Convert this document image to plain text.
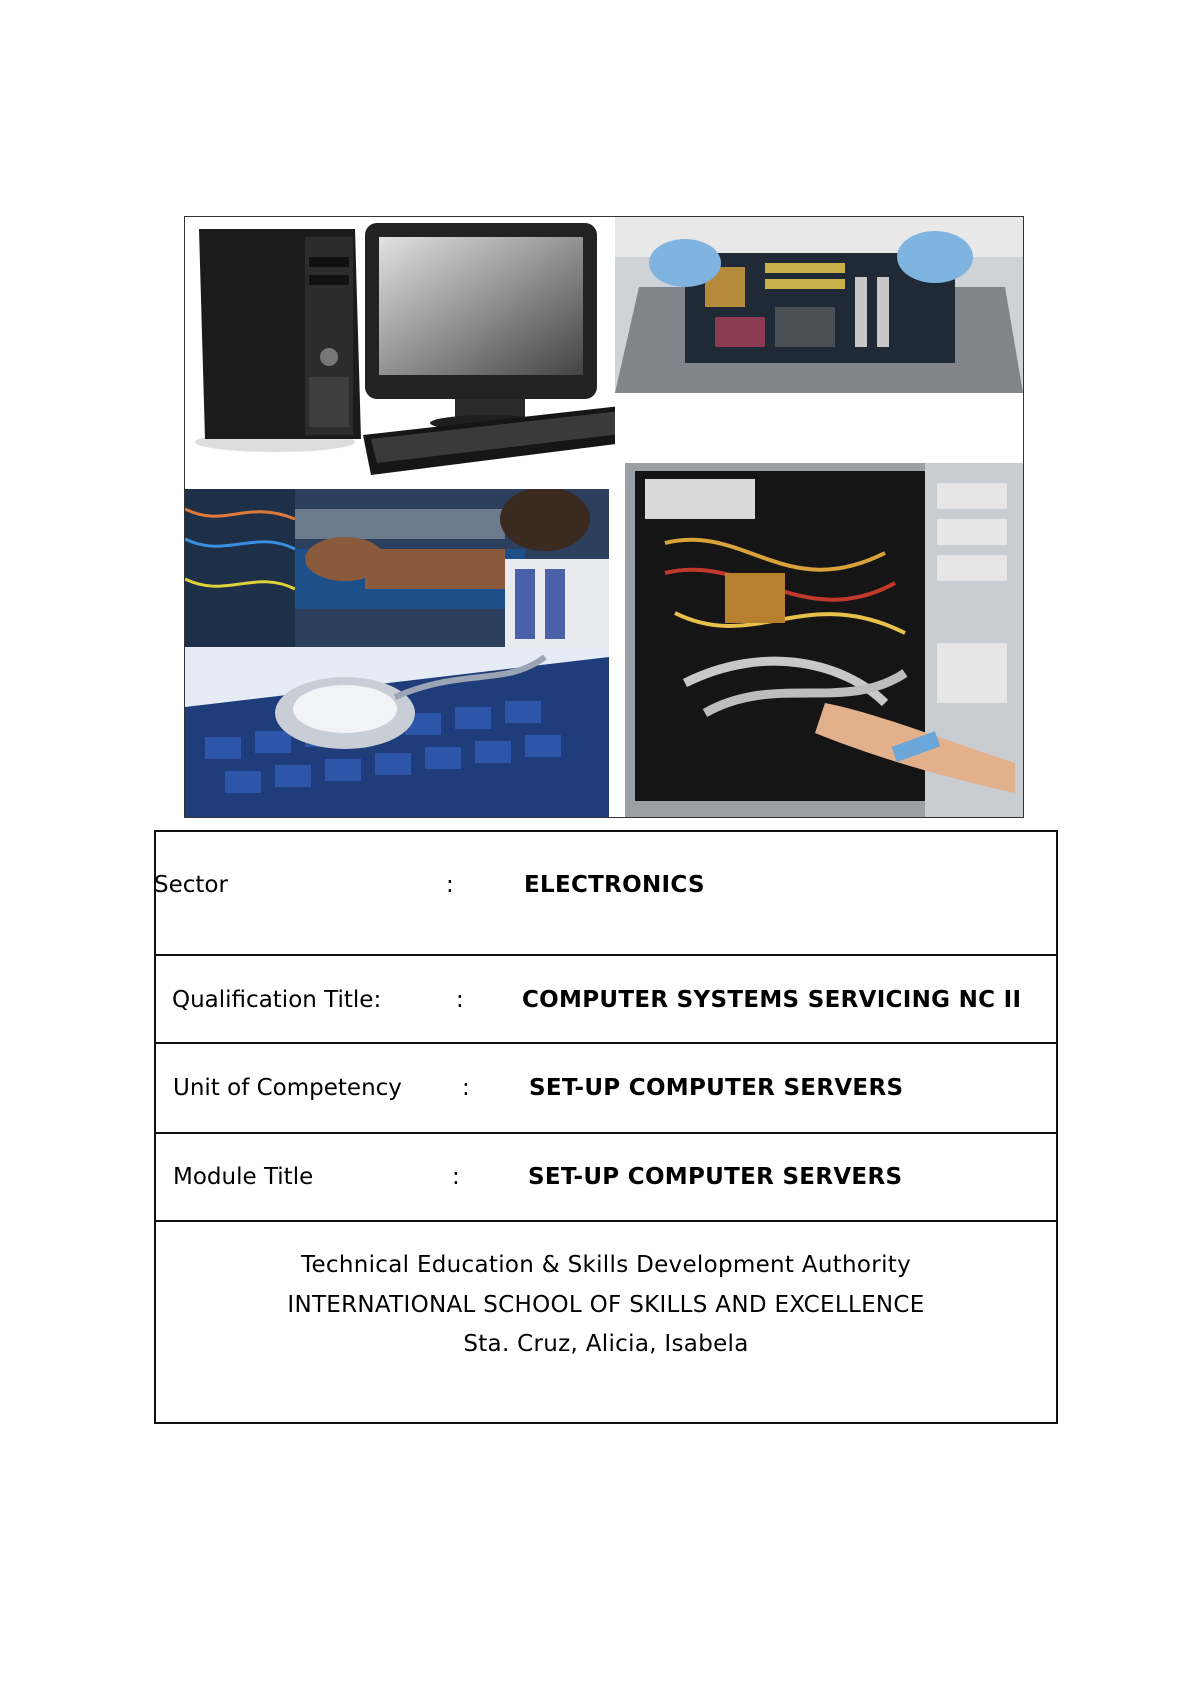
Sector	:	ELECTRONICS
Qualification Title:	:	COMPUTER SYSTEMS SERVICING NC II
Unit of Competency	:	SET-UP COMPUTER SERVERS
Module Title	:	SET-UP COMPUTER SERVERS
Technical Education & Skills Development Authority
INTERNATIONAL SCHOOL OF SKILLS AND EXCELLENCE
Sta. Cruz, Alicia, Isabela
